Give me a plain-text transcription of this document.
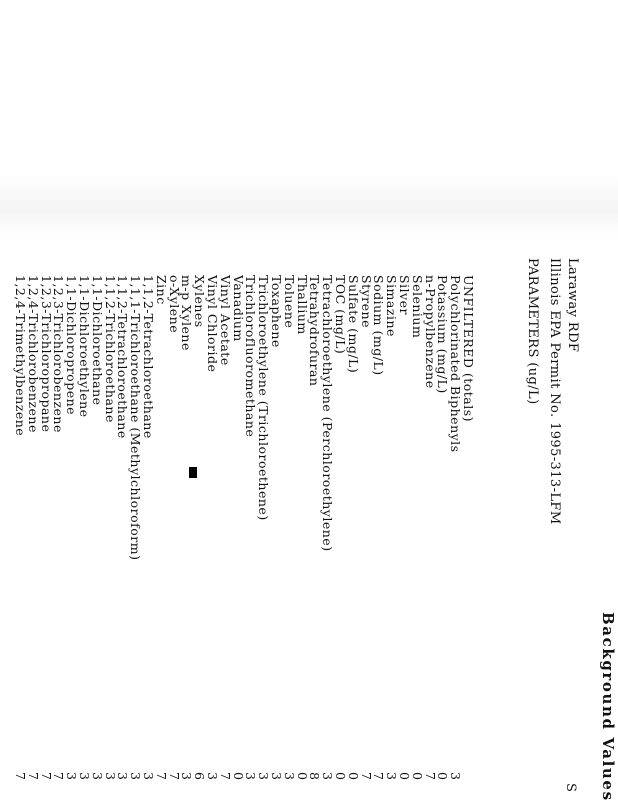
Background Values
Laraway RDF
Illinois EPA Permit No. 1995-313-LFM
PARAMETERS (ug/L)
S
UNFILTERED (totals)
Polychlorinated Biphenyls
Potassium (mg/L)
n-Propylbenzene
Selenium
Silver
Simazine
Sodium (mg/L)
Styrene
Sulfate (mg/L)
TOC (mg/L)
Tetrachloroethylene (Perchloroethylene)
Tetrahydrofuran
Thallium
Toluene
Toxaphene
Trichloroethylene (Trichloroethene)
Trichlorofluoromethane
Vanadium
Vinyl Acetate
Vinyl Chloride
Xylenes
m-p Xylene
o-Xylene
Zinc
1,1,2-Tetrachloroethane
1,1,1-Trichloroethane (Methylchloroform)
1,1,2-Tetrachloroethane
1,1,2-Trichloroethane
1,1-Dichloroethane
1,1-Dichloroethylene
1,1-Dichloropropene
1,2,3-Trichlorobenzene
1,2,3-Trichloropropane
1,2,4-Trichlorobenzene
1,2,4-Trimethylbenzene
3
0
7
0
0
3
7
7
0
0
3
8
0
3
3
3
3
0
7
3
6
3
7
7
3
3
3
3
3
3
3
7
7
7
7
